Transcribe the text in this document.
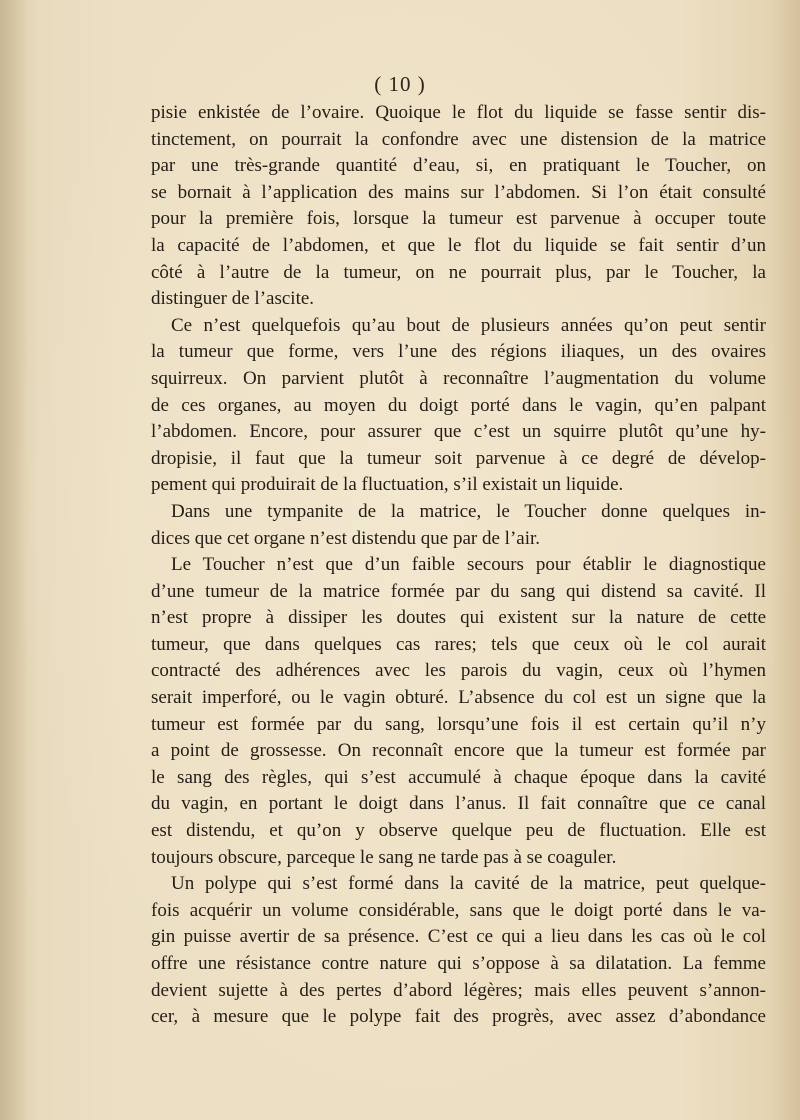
( 10 )
pisie enkistée de l’ovaire. Quoique le flot du liquide se fasse sentir dis-
tinctement, on pourrait la confondre avec une distension de la matrice
par une très-grande quantité d’eau, si, en pratiquant le Toucher, on
se bornait à l’application des mains sur l’abdomen. Si l’on était consulté
pour la première fois, lorsque la tumeur est parvenue à occuper toute
la capacité de l’abdomen, et que le flot du liquide se fait sentir d’un
côté à l’autre de la tumeur, on ne pourrait plus, par le Toucher, la
distinguer de l’ascite.
Ce n’est quelquefois qu’au bout de plusieurs années qu’on peut sentir
la tumeur que forme, vers l’une des régions iliaques, un des ovaires
squirreux. On parvient plutôt à reconnaître l’augmentation du volume
de ces organes, au moyen du doigt porté dans le vagin, qu’en palpant
l’abdomen. Encore, pour assurer que c’est un squirre plutôt qu’une hy-
dropisie, il faut que la tumeur soit parvenue à ce degré de dévelop-
pement qui produirait de la fluctuation, s’il existait un liquide.
Dans une tympanite de la matrice, le Toucher donne quelques in-
dices que cet organe n’est distendu que par de l’air.
Le Toucher n’est que d’un faible secours pour établir le diagnostique
d’une tumeur de la matrice formée par du sang qui distend sa cavité. Il
n’est propre à dissiper les doutes qui existent sur la nature de cette
tumeur, que dans quelques cas rares; tels que ceux où le col aurait
contracté des adhérences avec les parois du vagin, ceux où l’hymen
serait imperforé, ou le vagin obturé. L’absence du col est un signe que la
tumeur est formée par du sang, lorsqu’une fois il est certain qu’il n’y
a point de grossesse. On reconnaît encore que la tumeur est formée par
le sang des règles, qui s’est accumulé à chaque époque dans la cavité
du vagin, en portant le doigt dans l’anus. Il fait connaître que ce canal
est distendu, et qu’on y observe quelque peu de fluctuation. Elle est
toujours obscure, parceque le sang ne tarde pas à se coaguler.
Un polype qui s’est formé dans la cavité de la matrice, peut quelque-
fois acquérir un volume considérable, sans que le doigt porté dans le va-
gin puisse avertir de sa présence. C’est ce qui a lieu dans les cas où le col
offre une résistance contre nature qui s’oppose à sa dilatation. La femme
devient sujette à des pertes d’abord légères; mais elles peuvent s’annon-
cer, à mesure que le polype fait des progrès, avec assez d’abondance
